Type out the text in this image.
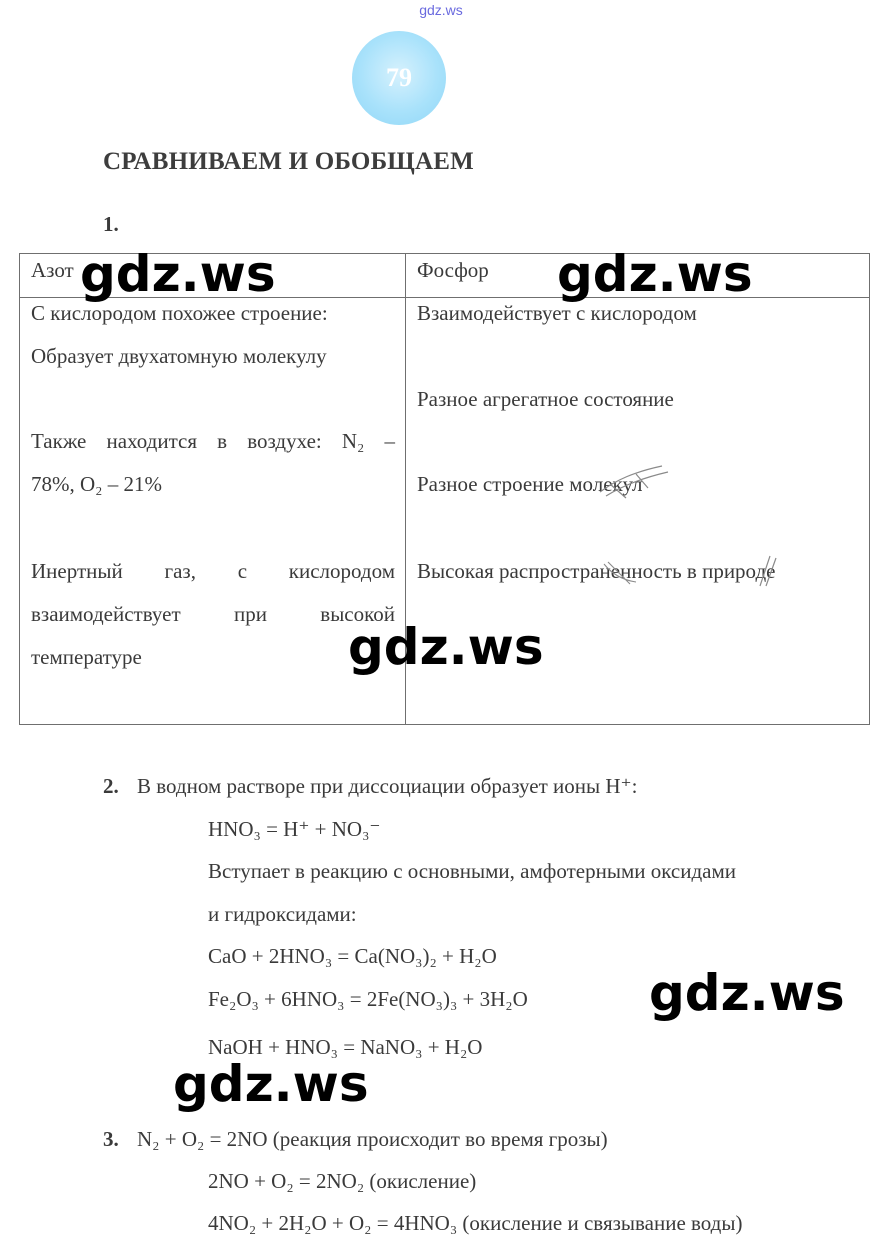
gdz.ws
79
СРАВНИВАЕМ И ОБОБЩАЕМ
1.
Азот	Фосфор
С кислородом похожее строение:
Образует двухатомную молекулу
Также находится в воздухе: N₂ –
78%, O₂ – 21%
Инертный газ, с кислородом
взаимодействует при высокой
температуре
Взаимодействует с кислородом
Разное агрегатное состояние
Разное строение молекул
Высокая распространенность в природе
2. В водном растворе при диссоциации образует ионы H⁺:
HNO₃ = H⁺ + NO₃⁻
Вступает в реакцию с основными, амфотерными оксидами
и гидроксидами:
CaO + 2HNO₃ = Ca(NO₃)₂ + H₂O
Fe₂O₃ + 6HNO₃ = 2Fe(NO₃)₃ + 3H₂O
NaOH + HNO₃ = NaNO₃ + H₂O
3. N₂ + O₂ = 2NO (реакция происходит во время грозы)
2NO + O₂ = 2NO₂ (окисление)
4NO₂ + 2H₂O + O₂ = 4HNO₃ (окисление и связывание воды)
gdz.ws	gdz.ws
gdz.ws
gdz.ws
gdz.ws
